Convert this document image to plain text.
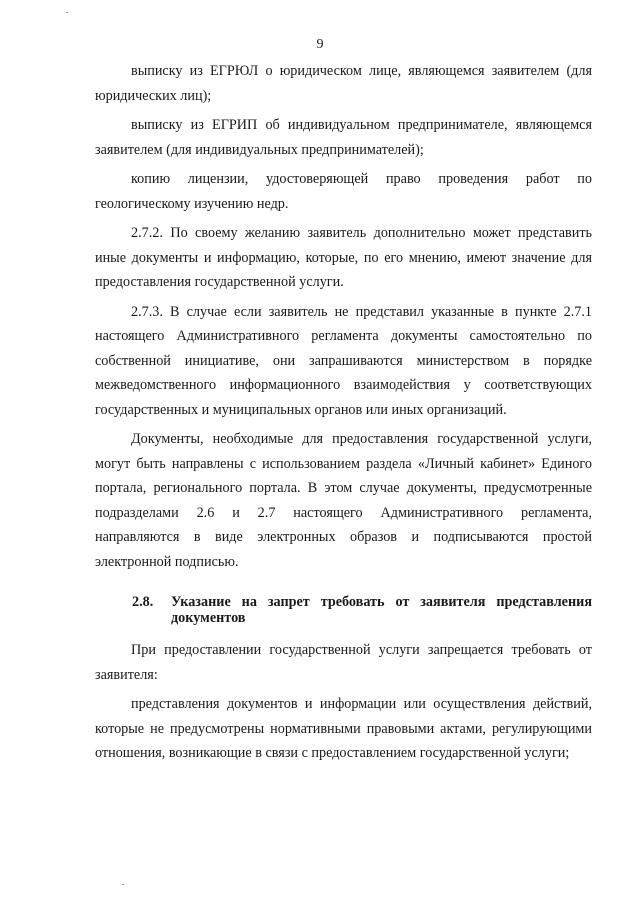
9

выписку из ЕГРЮЛ о юридическом лице, являющемся заявителем (для юридических лиц);

выписку из ЕГРИП об индивидуальном предпринимателе, являющемся заявителем (для индивидуальных предпринимателей);

копию лицензии, удостоверяющей право проведения работ по геологическому изучению недр.

2.7.2. По своему желанию заявитель дополнительно может представить иные документы и информацию, которые, по его мнению, имеют значение для предоставления государственной услуги.

2.7.3. В случае если заявитель не представил указанные в пункте 2.7.1 настоящего Административного регламента документы самостоятельно по собственной инициативе, они запрашиваются министерством в порядке межведомственного информационного взаимодействия у соответствующих государственных и муниципальных органов или иных организаций.

Документы, необходимые для предоставления государственной услуги, могут быть направлены с использованием раздела «Личный кабинет» Единого портала, регионального портала. В этом случае документы, предусмотренные подразделами 2.6 и 2.7 настоящего Административного регламента, направляются в виде электронных образов и подписываются простой электронной подписью.

2.8. Указание на запрет требовать от заявителя представления документов

При предоставлении государственной услуги запрещается требовать от заявителя:

представления документов и информации или осуществления действий, которые не предусмотрены нормативными правовыми актами, регулирующими отношения, возникающие в связи с предоставлением государственной услуги;
